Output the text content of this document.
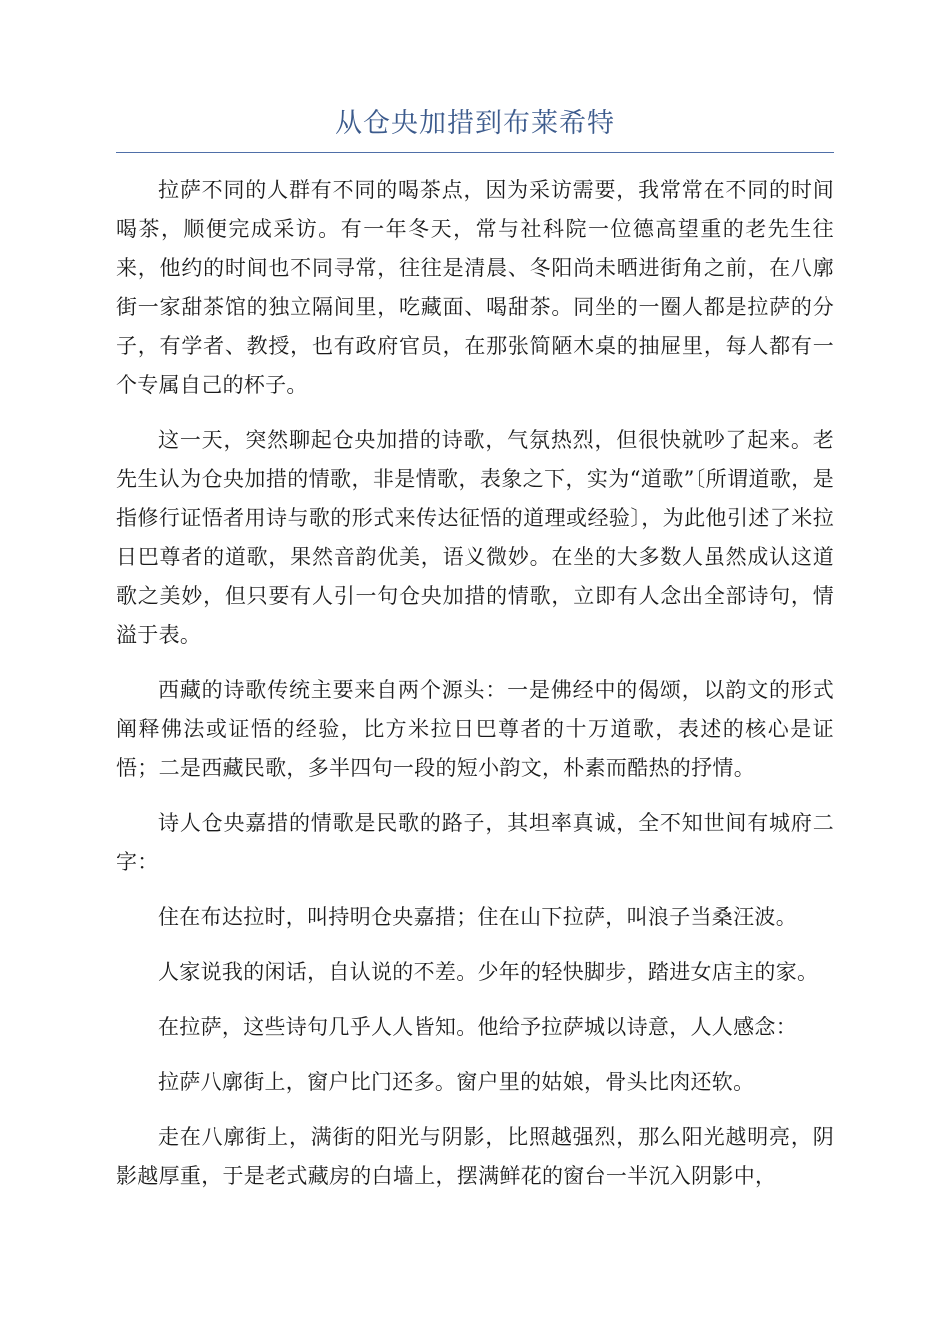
从仓央加措到布莱希特

拉萨不同的人群有不同的喝茶点，因为采访需要，我常常在不同的时间喝茶，顺便完成采访。有一年冬天，常与社科院一位德高望重的老先生往来，他约的时间也不同寻常，往往是清晨、冬阳尚未晒进街角之前，在八廓街一家甜茶馆的独立隔间里，吃藏面、喝甜茶。同坐的一圈人都是拉萨的分子，有学者、教授，也有政府官员，在那张简陋木桌的抽屉里，每人都有一个专属自己的杯子。

这一天，突然聊起仓央加措的诗歌，气氛热烈，但很快就吵了起来。老先生认为仓央加措的情歌，非是情歌，表象之下，实为“道歌”〔所谓道歌，是指修行证悟者用诗与歌的形式来传达征悟的道理或经验〕，为此他引述了米拉日巴尊者的道歌，果然音韵优美，语义微妙。在坐的大多数人虽然成认这道歌之美妙，但只要有人引一句仓央加措的情歌，立即有人念出全部诗句，情溢于表。

西藏的诗歌传统主要来自两个源头：一是佛经中的偈颂，以韵文的形式阐释佛法或证悟的经验，比方米拉日巴尊者的十万道歌，表述的核心是证悟；二是西藏民歌，多半四句一段的短小韵文，朴素而酷热的抒情。

诗人仓央嘉措的情歌是民歌的路子，其坦率真诚，全不知世间有城府二字：

住在布达拉时，叫持明仓央嘉措；住在山下拉萨，叫浪子当桑汪波。

人家说我的闲话，自认说的不差。少年的轻快脚步，踏进女店主的家。

在拉萨，这些诗句几乎人人皆知。他给予拉萨城以诗意，人人感念：

拉萨八廓街上，窗户比门还多。窗户里的姑娘，骨头比肉还软。

走在八廓街上，满街的阳光与阴影，比照越强烈，那么阳光越明亮，阴影越厚重，于是老式藏房的白墙上，摆满鲜花的窗台一半沉入阴影中，
